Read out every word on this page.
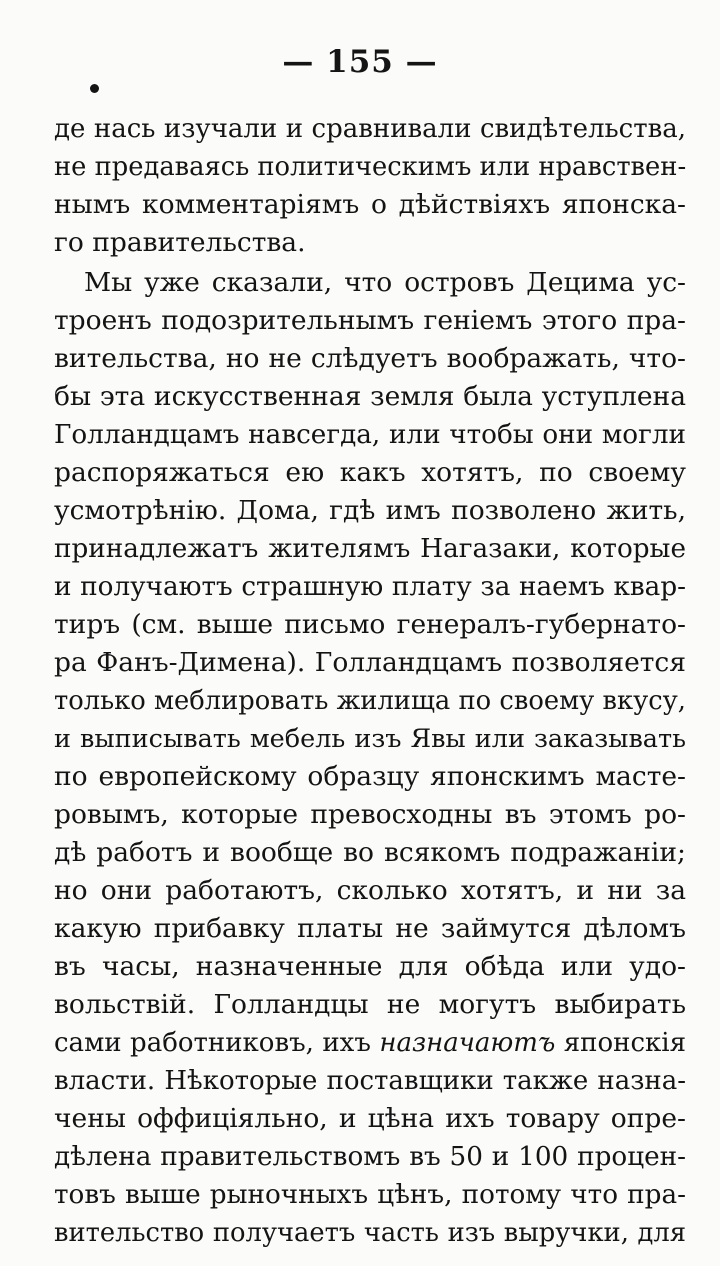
— 155 —
де нась изучали и сравнивали свидѣтельства,
не предаваясь политическимъ или нравствен-
нымъ комментаріямъ о дѣйствіяхъ японска-
го правительства.
Мы уже сказали, что островъ Децима ус-
троенъ подозрительнымъ геніемъ этого пра-
вительства, но не слѣдуетъ воображать, что-
бы эта искусственная земля была уступлена
Голландцамъ навсегда, или чтобы они могли
распоряжаться ею какъ хотятъ, по своему
усмотрѣнію. Дома, гдѣ имъ позволено жить,
принадлежатъ жителямъ Нагазаки, которые
и получаютъ страшную плату за наемъ квар-
тиръ (см. выше письмо генералъ-губернато-
ра Фанъ-Димена). Голландцамъ позволяется
только меблировать жилища по своему вкусу,
и выписывать мебель изъ Явы или заказывать
по европейскому образцу японскимъ масте-
ровымъ, которые превосходны въ этомъ ро-
дѣ работъ и вообще во всякомъ подражаніи;
но они работаютъ, сколько хотятъ, и ни за
какую прибавку платы не займутся дѣломъ
въ часы, назначенные для обѣда или удо-
вольствій. Голландцы не могутъ выбирать
сами работниковъ, ихъ назначаютъ японскія
власти. Нѣкоторые поставщики также назна-
чены оффиціяльно, и цѣна ихъ товару опре-
дѣлена правительствомъ въ 50 и 100 процен-
товъ выше рыночныхъ цѣнъ, потому что пра-
вительство получаетъ часть изъ выручки, для
